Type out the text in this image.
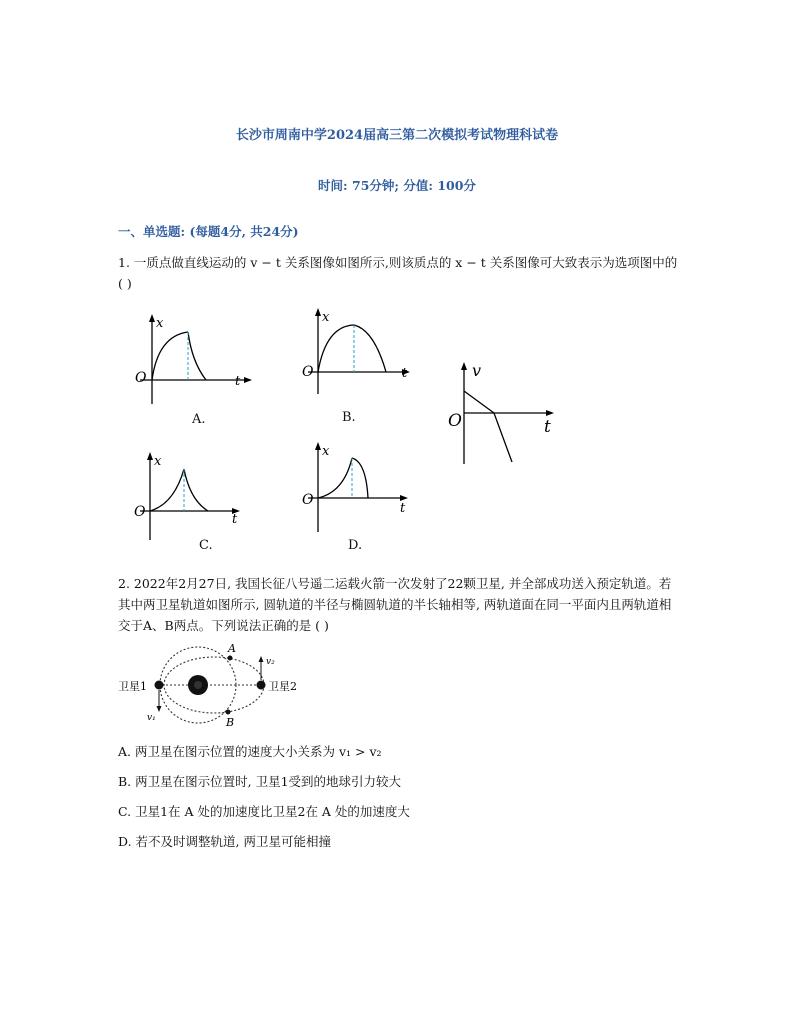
长沙市周南中学2024届高三第二次模拟考试物理科试卷
时间: 75分钟; 分值: 100分
一、单选题: (每题4分, 共24分)
1. 一质点做直线运动的 v − t 关系图像如图所示,则该质点的 x − t 关系图像可大致表示为选项图中的( )
x
O	t
A.
x
O	t
B.
v
O	t
x
O	t
C.
x
O
t
D.
2. 2022年2月27日, 我国长征八号遥二运载火箭一次发射了22颗卫星, 并全部成功送入预定轨道。若其中两卫星轨道如图所示, 圆轨道的半径与椭圆轨道的半长轴相等, 两轨道面在同一平面内且两轨道相交于A、B两点。下列说法正确的是 ( )
卫星1	卫星2
A
B
v₁
v₂
A. 两卫星在图示位置的速度大小关系为 v₁ > v₂
B. 两卫星在图示位置时, 卫星1受到的地球引力较大
C. 卫星1在 A 处的加速度比卫星2在 A 处的加速度大
D. 若不及时调整轨道, 两卫星可能相撞
